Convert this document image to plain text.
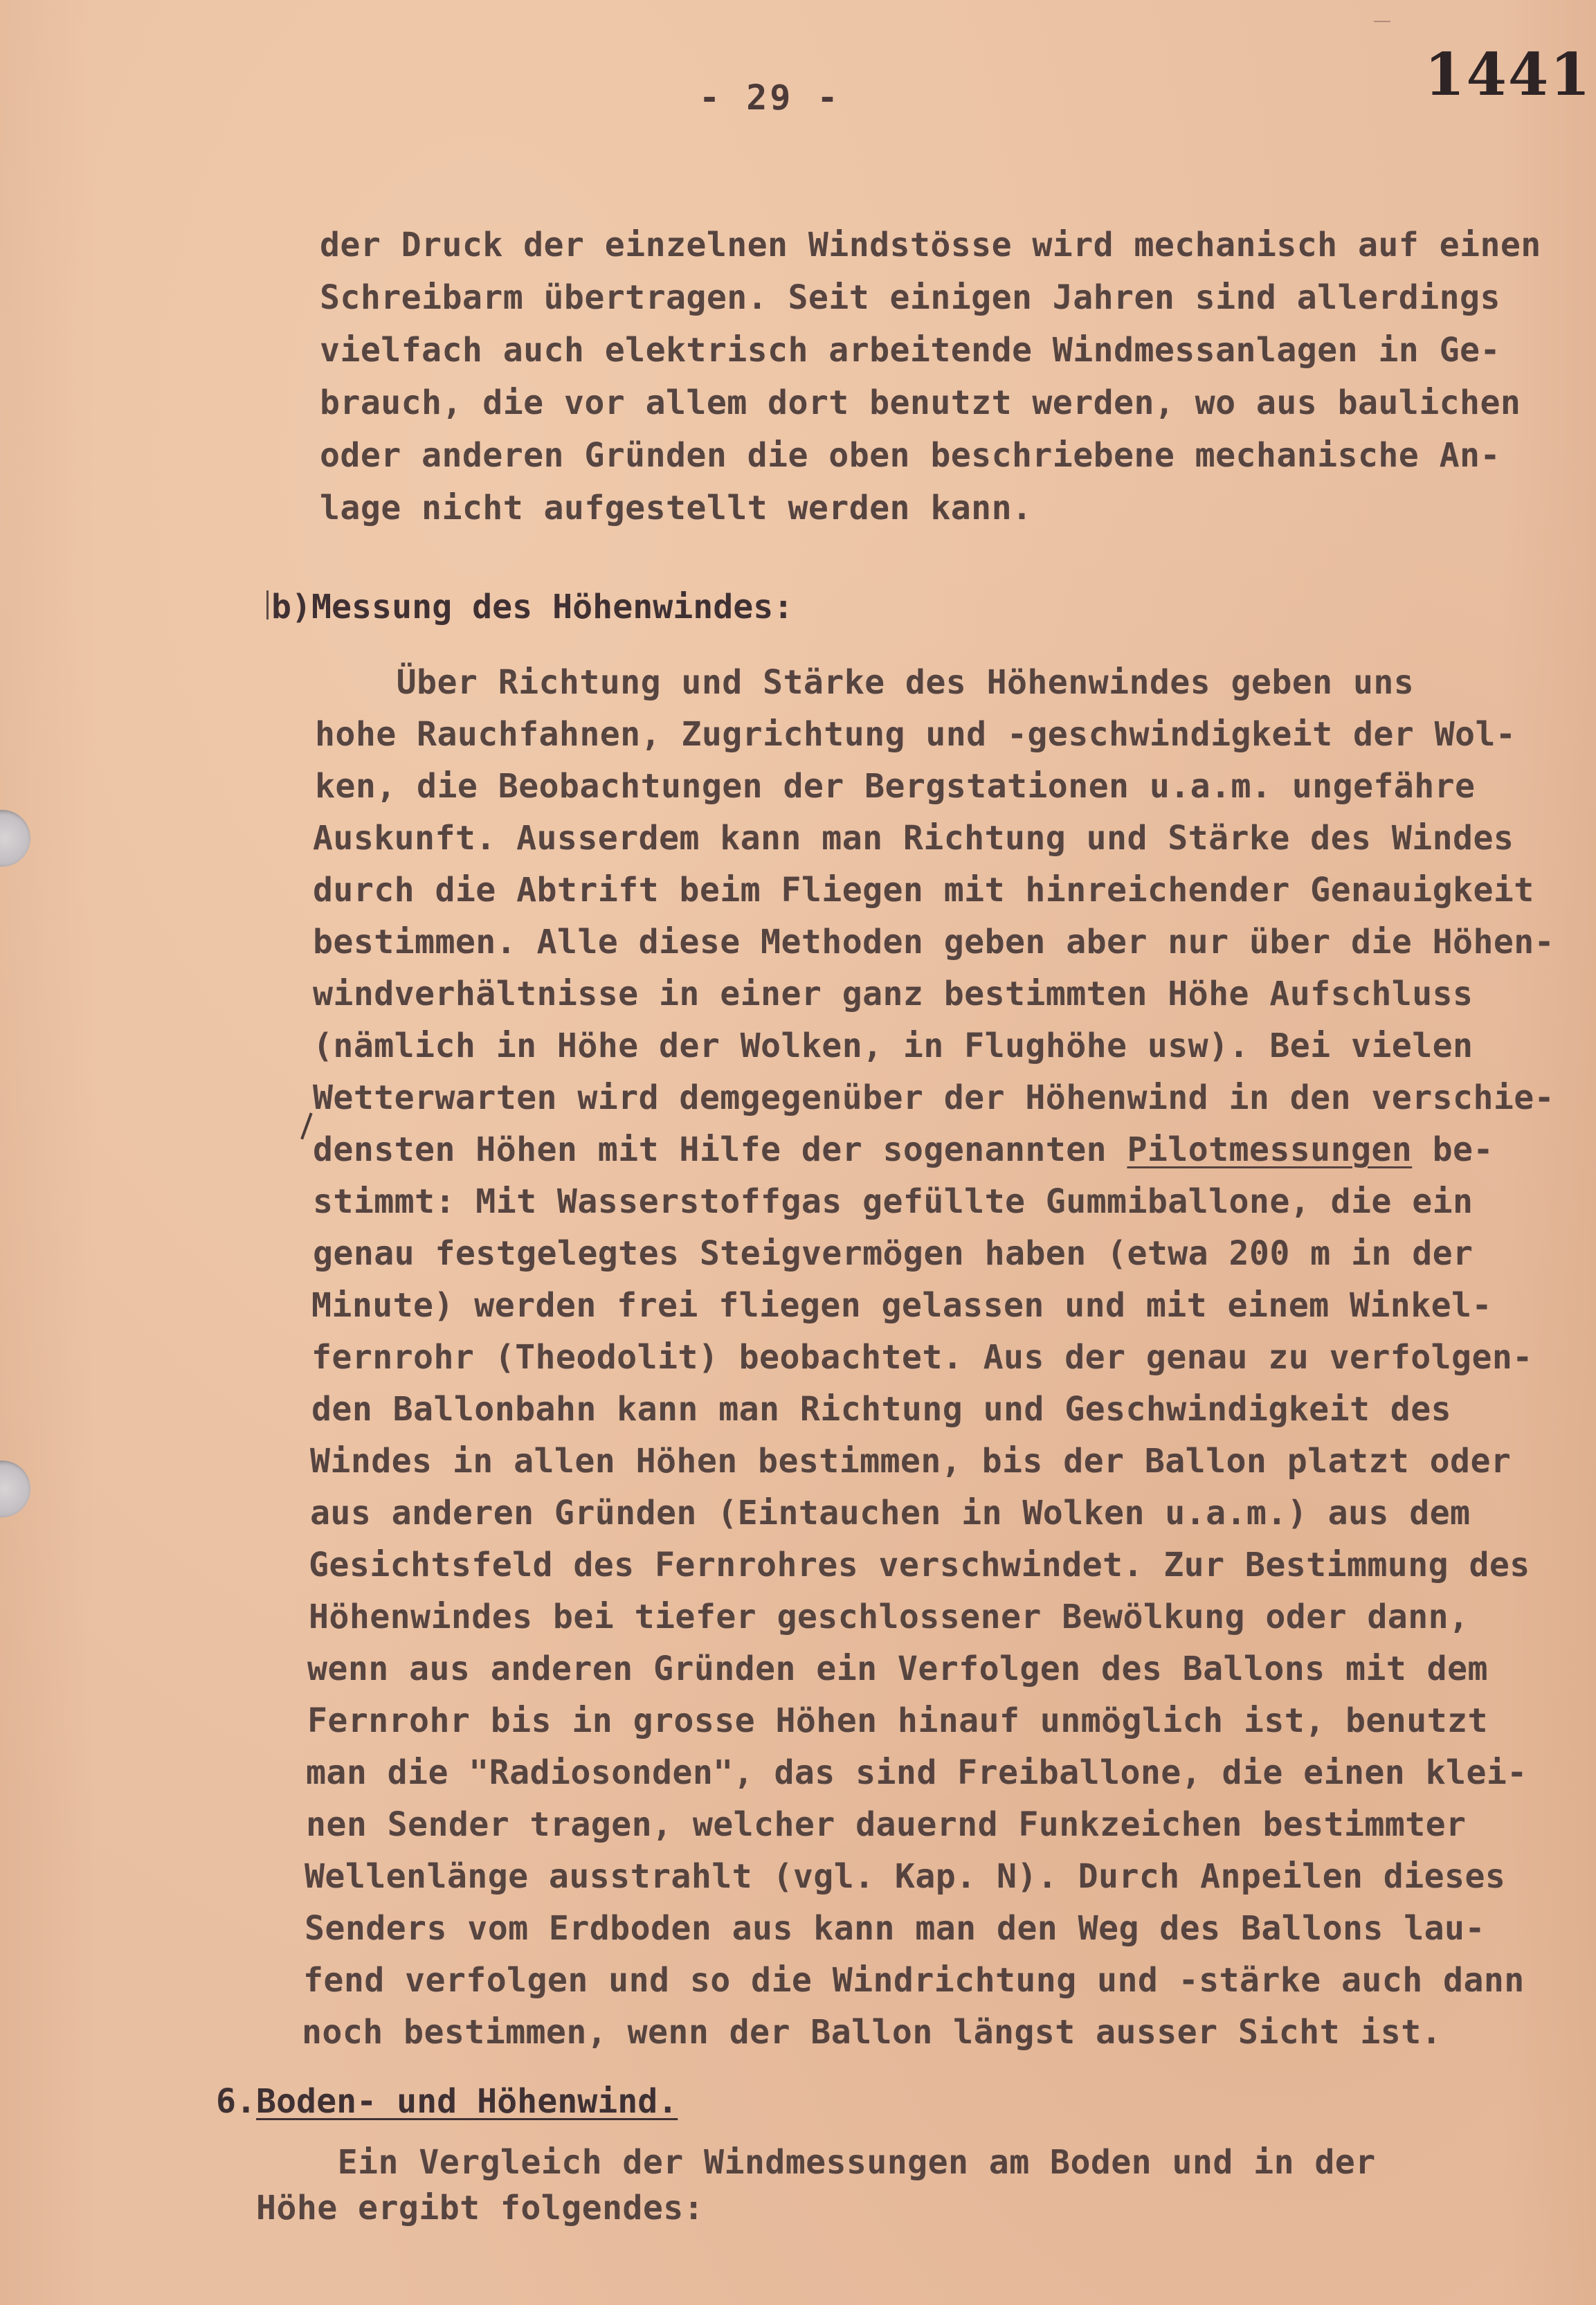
- 29 -	1441
der Druck der einzelnen Windstösse wird mechanisch auf einen
Schreibarm übertragen. Seit einigen Jahren sind allerdings
vielfach auch elektrisch arbeitende Windmessanlagen in Ge-
brauch, die vor allem dort benutzt werden, wo aus baulichen
oder anderen Gründen die oben beschriebene mechanische An-
lage nicht aufgestellt werden kann.
b)Messung des Höhenwindes:
Über Richtung und Stärke des Höhenwindes geben uns
hohe Rauchfahnen, Zugrichtung und -geschwindigkeit der Wol-
ken, die Beobachtungen der Bergstationen u.a.m. ungefähre
Auskunft. Ausserdem kann man Richtung und Stärke des Windes
durch die Abtrift beim Fliegen mit hinreichender Genauigkeit
bestimmen. Alle diese Methoden geben aber nur über die Höhen-
windverhältnisse in einer ganz bestimmten Höhe Aufschluss
(nämlich in Höhe der Wolken, in Flughöhe usw). Bei vielen
Wetterwarten wird demgegenüber der Höhenwind in den verschie-
densten Höhen mit Hilfe der sogenannten Pilotmessungen be-
stimmt: Mit Wasserstoffgas gefüllte Gummiballone, die ein
genau festgelegtes Steigvermögen haben (etwa 200 m in der
Minute) werden frei fliegen gelassen und mit einem Winkel-
fernrohr (Theodolit) beobachtet. Aus der genau zu verfolgen-
den Ballonbahn kann man Richtung und Geschwindigkeit des
Windes in allen Höhen bestimmen, bis der Ballon platzt oder
aus anderen Gründen (Eintauchen in Wolken u.a.m.) aus dem
Gesichtsfeld des Fernrohres verschwindet. Zur Bestimmung des
Höhenwindes bei tiefer geschlossener Bewölkung oder dann,
wenn aus anderen Gründen ein Verfolgen des Ballons mit dem
Fernrohr bis in grosse Höhen hinauf unmöglich ist, benutzt
man die "Radiosonden", das sind Freiballone, die einen klei-
nen Sender tragen, welcher dauernd Funkzeichen bestimmter
Wellenlänge ausstrahlt (vgl. Kap. N). Durch Anpeilen dieses
Senders vom Erdboden aus kann man den Weg des Ballons lau-
fend verfolgen und so die Windrichtung und -stärke auch dann
noch bestimmen, wenn der Ballon längst ausser Sicht ist.
6.Boden- und Höhenwind.
Ein Vergleich der Windmessungen am Boden und in der
Höhe ergibt folgendes:
